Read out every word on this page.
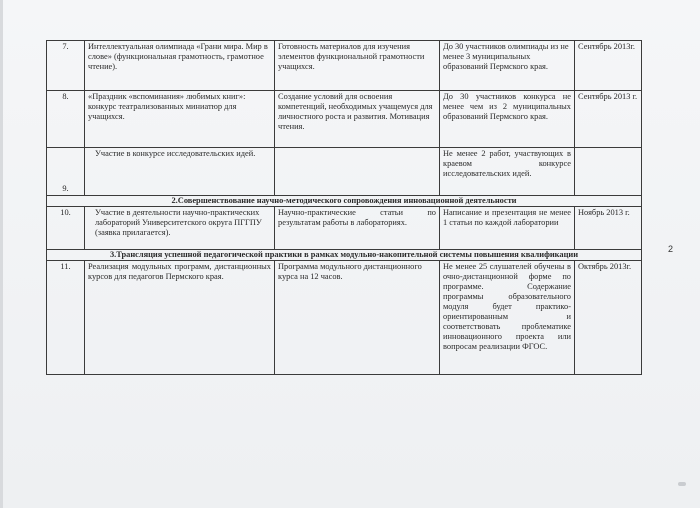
7.	Интеллектуальная олимпиада «Грани мира. Мир в слове» (функциональная грамотность, грамотное чтение).	Готовность материалов для изучения элементов функциональной грамотности учащихся.	До 30 участников олимпиады из не менее 3 муниципальных образований Пермского края.	Сентябрь 2013г.
8.	«Праздник «вспоминания» любимых книг»: конкурс театрализованных миниатюр для учащихся.	Создание условий для освоения компетенций, необходимых учащемуся для личностного роста и развития. Мотивация чтения.	До 30 участников конкурса не менее чем из 2 муниципальных образований Пермского края.	Сентябрь 2013 г.
9.	Участие в конкурсе исследовательских идей.		Не менее 2 работ, участвующих в краевом конкурсе исследовательских идей.	
2.Совершенствование научно-методического сопровождения инновационной деятельности				
10.	Участие в деятельности научно-практических лабораторий Университетского округа ПГГПУ (заявка прилагается).	Научно-практические статьи по результатам работы в лабораториях.	Написание и презентация не менее 1 статьи по каждой лаборатории	Ноябрь 2013 г.
3.Трансляция успешной педагогической практики в рамках модульно-накопительной системы повышения квалификации				
11.	Реализация модульных программ, дистанционных курсов для педагогов Пермского края.	Программа модульного дистанционного курса на 12 часов.	Не менее 25 слушателей обучены в очно-дистанционной форме по программе. Содержание программы образовательного модуля будет практико-ориентированным и соответствовать проблематике инновационного проекта или вопросам реализации ФГОС.	Октябрь 2013г.
2
